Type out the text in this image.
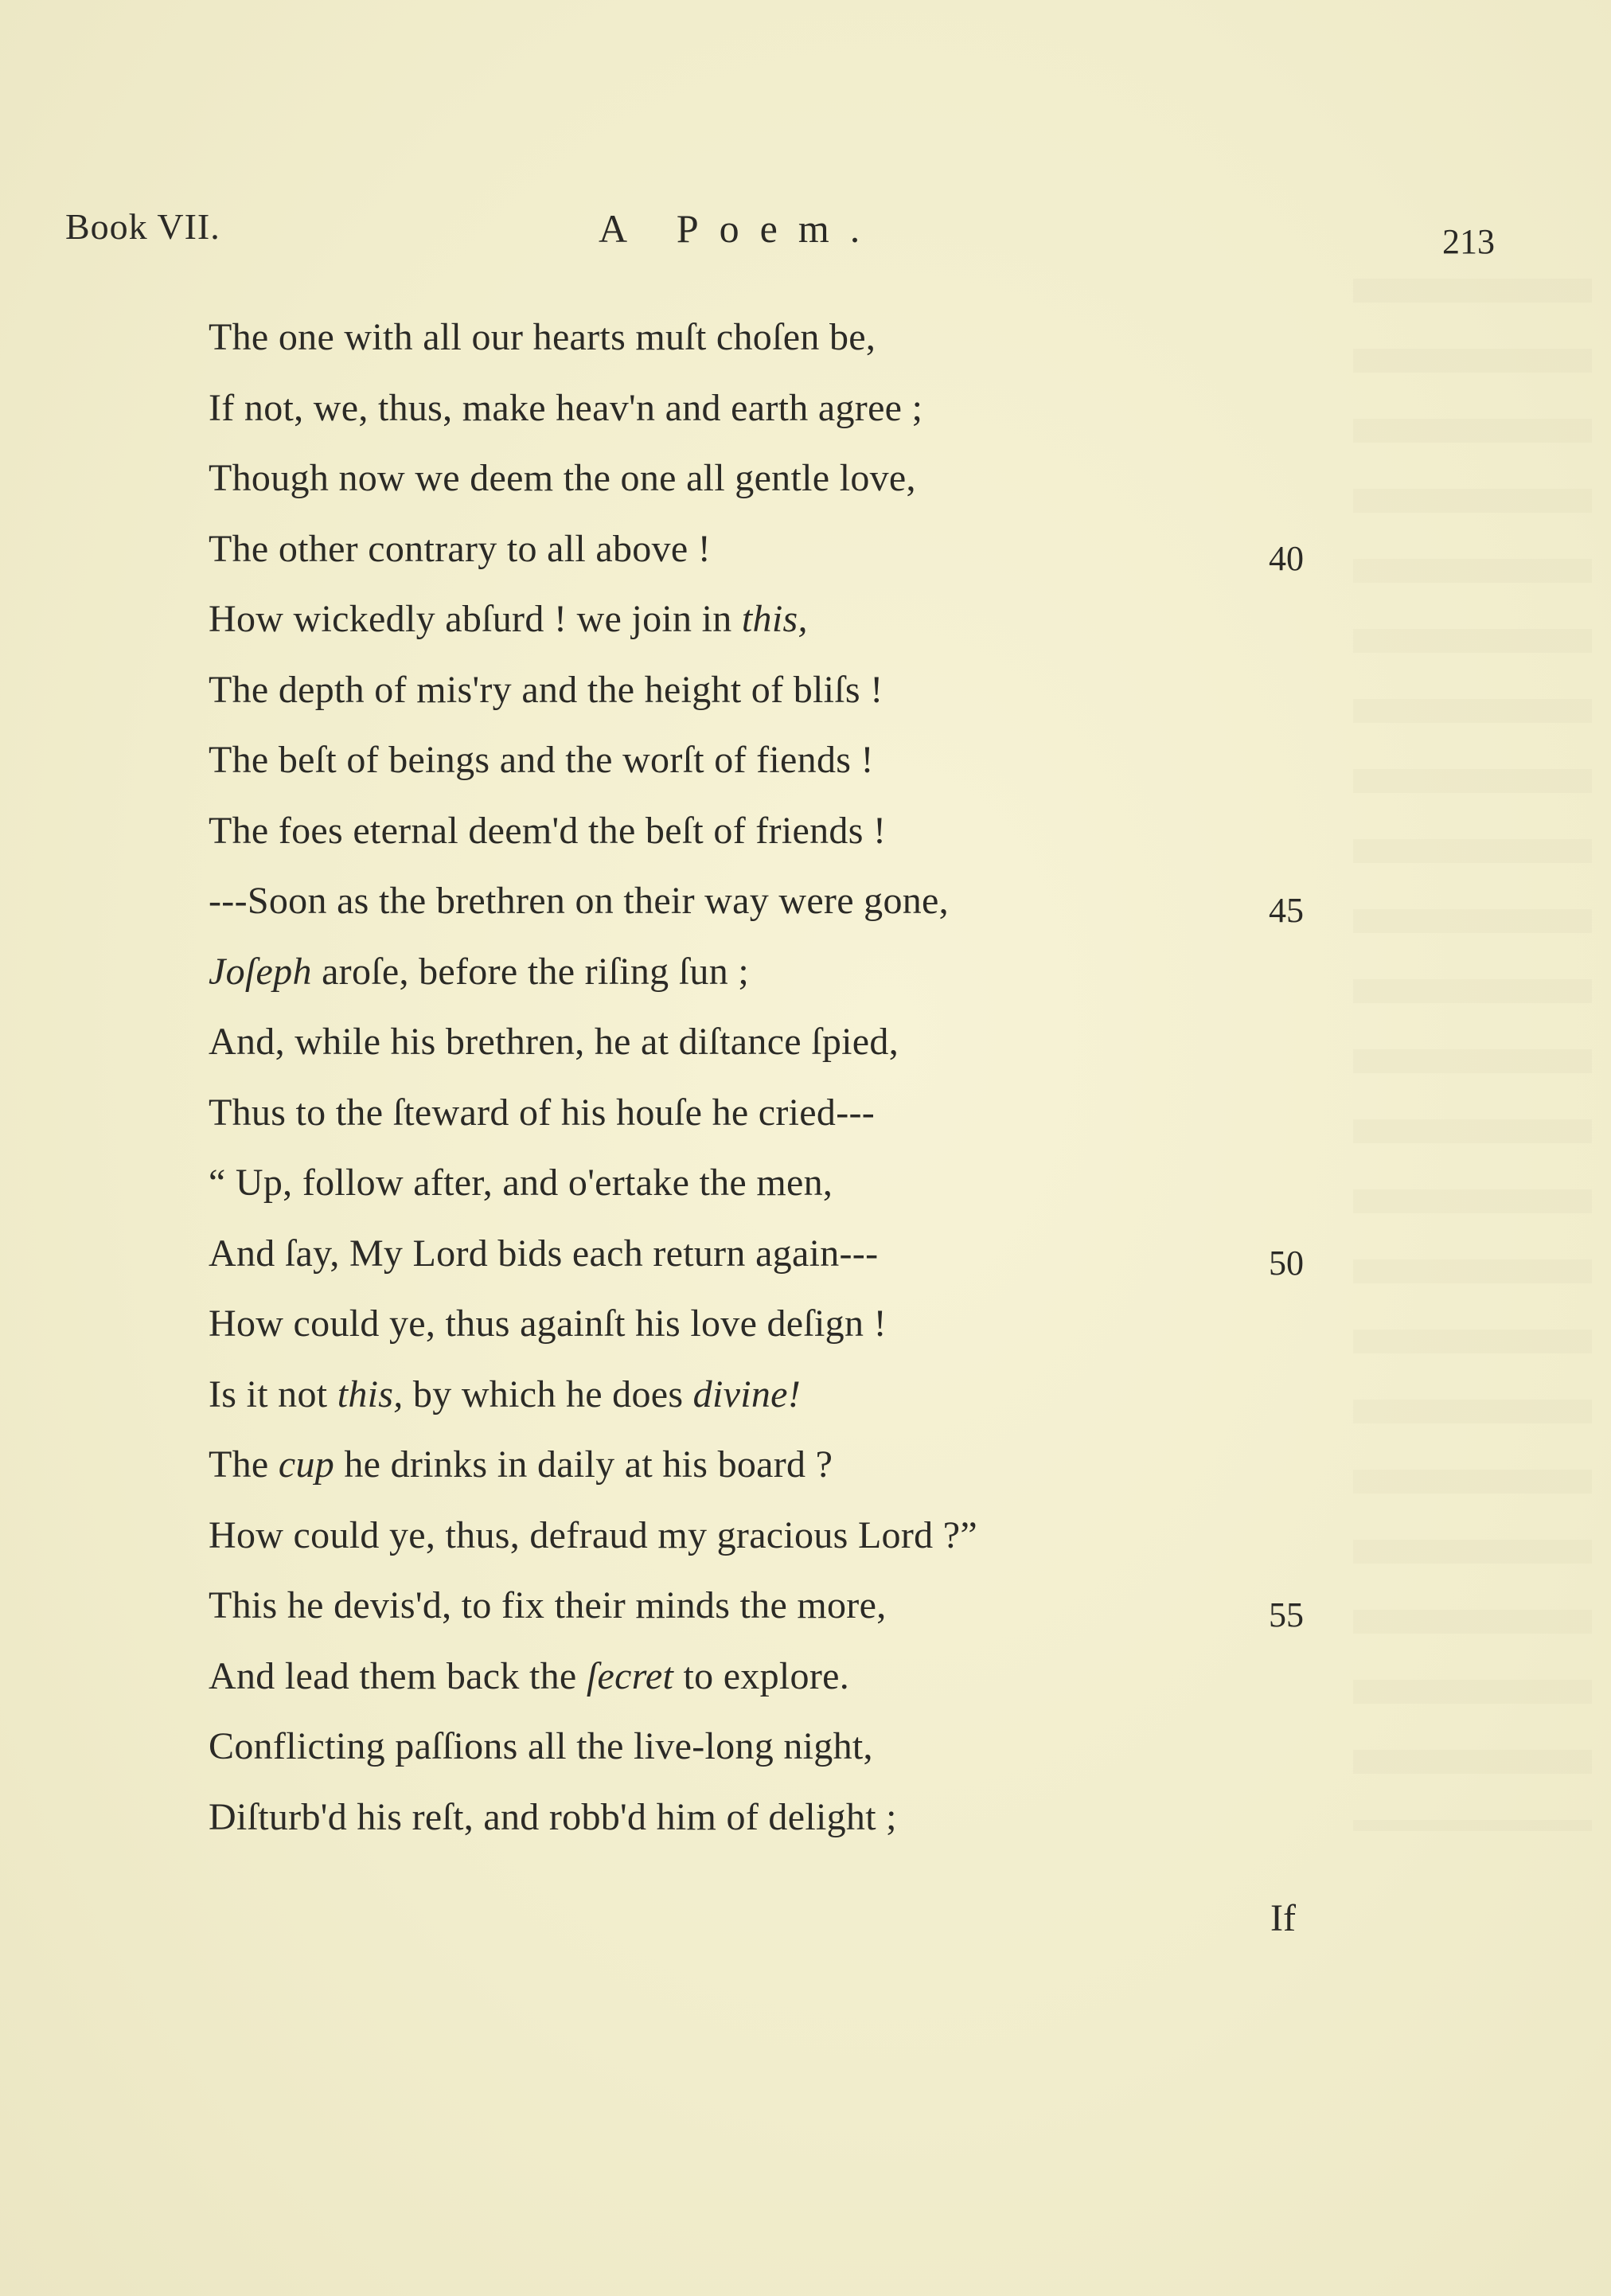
Book VII.	A Poem.	213
The one with all our hearts muſt choſen be,
If not, we, thus, make heav'n and earth agree ;
Though now we deem the one all gentle love,
The other contrary to all above !	40
How wickedly abſurd ! we join in this,
The depth of mis'ry and the height of bliſs !
The beſt of beings and the worſt of fiends !
The foes eternal deem'd the beſt of friends !
---Soon as the brethren on their way were gone,	45
Joſeph aroſe, before the riſing ſun ;
And, while his brethren, he at diſtance ſpied,
Thus to the ſteward of his houſe he cried---
“ Up, follow after, and o'ertake the men,
And ſay, My Lord bids each return again---	50
How could ye, thus againſt his love deſign !
Is it not this, by which he does divine!
The cup he drinks in daily at his board ?
How could ye, thus, defraud my gracious Lord ?”
This he devis'd, to fix their minds the more,	55
And lead them back the ſecret to explore.
Conflicting paſſions all the live-long night,
Diſturb'd his reſt, and robb'd him of delight ;
If
